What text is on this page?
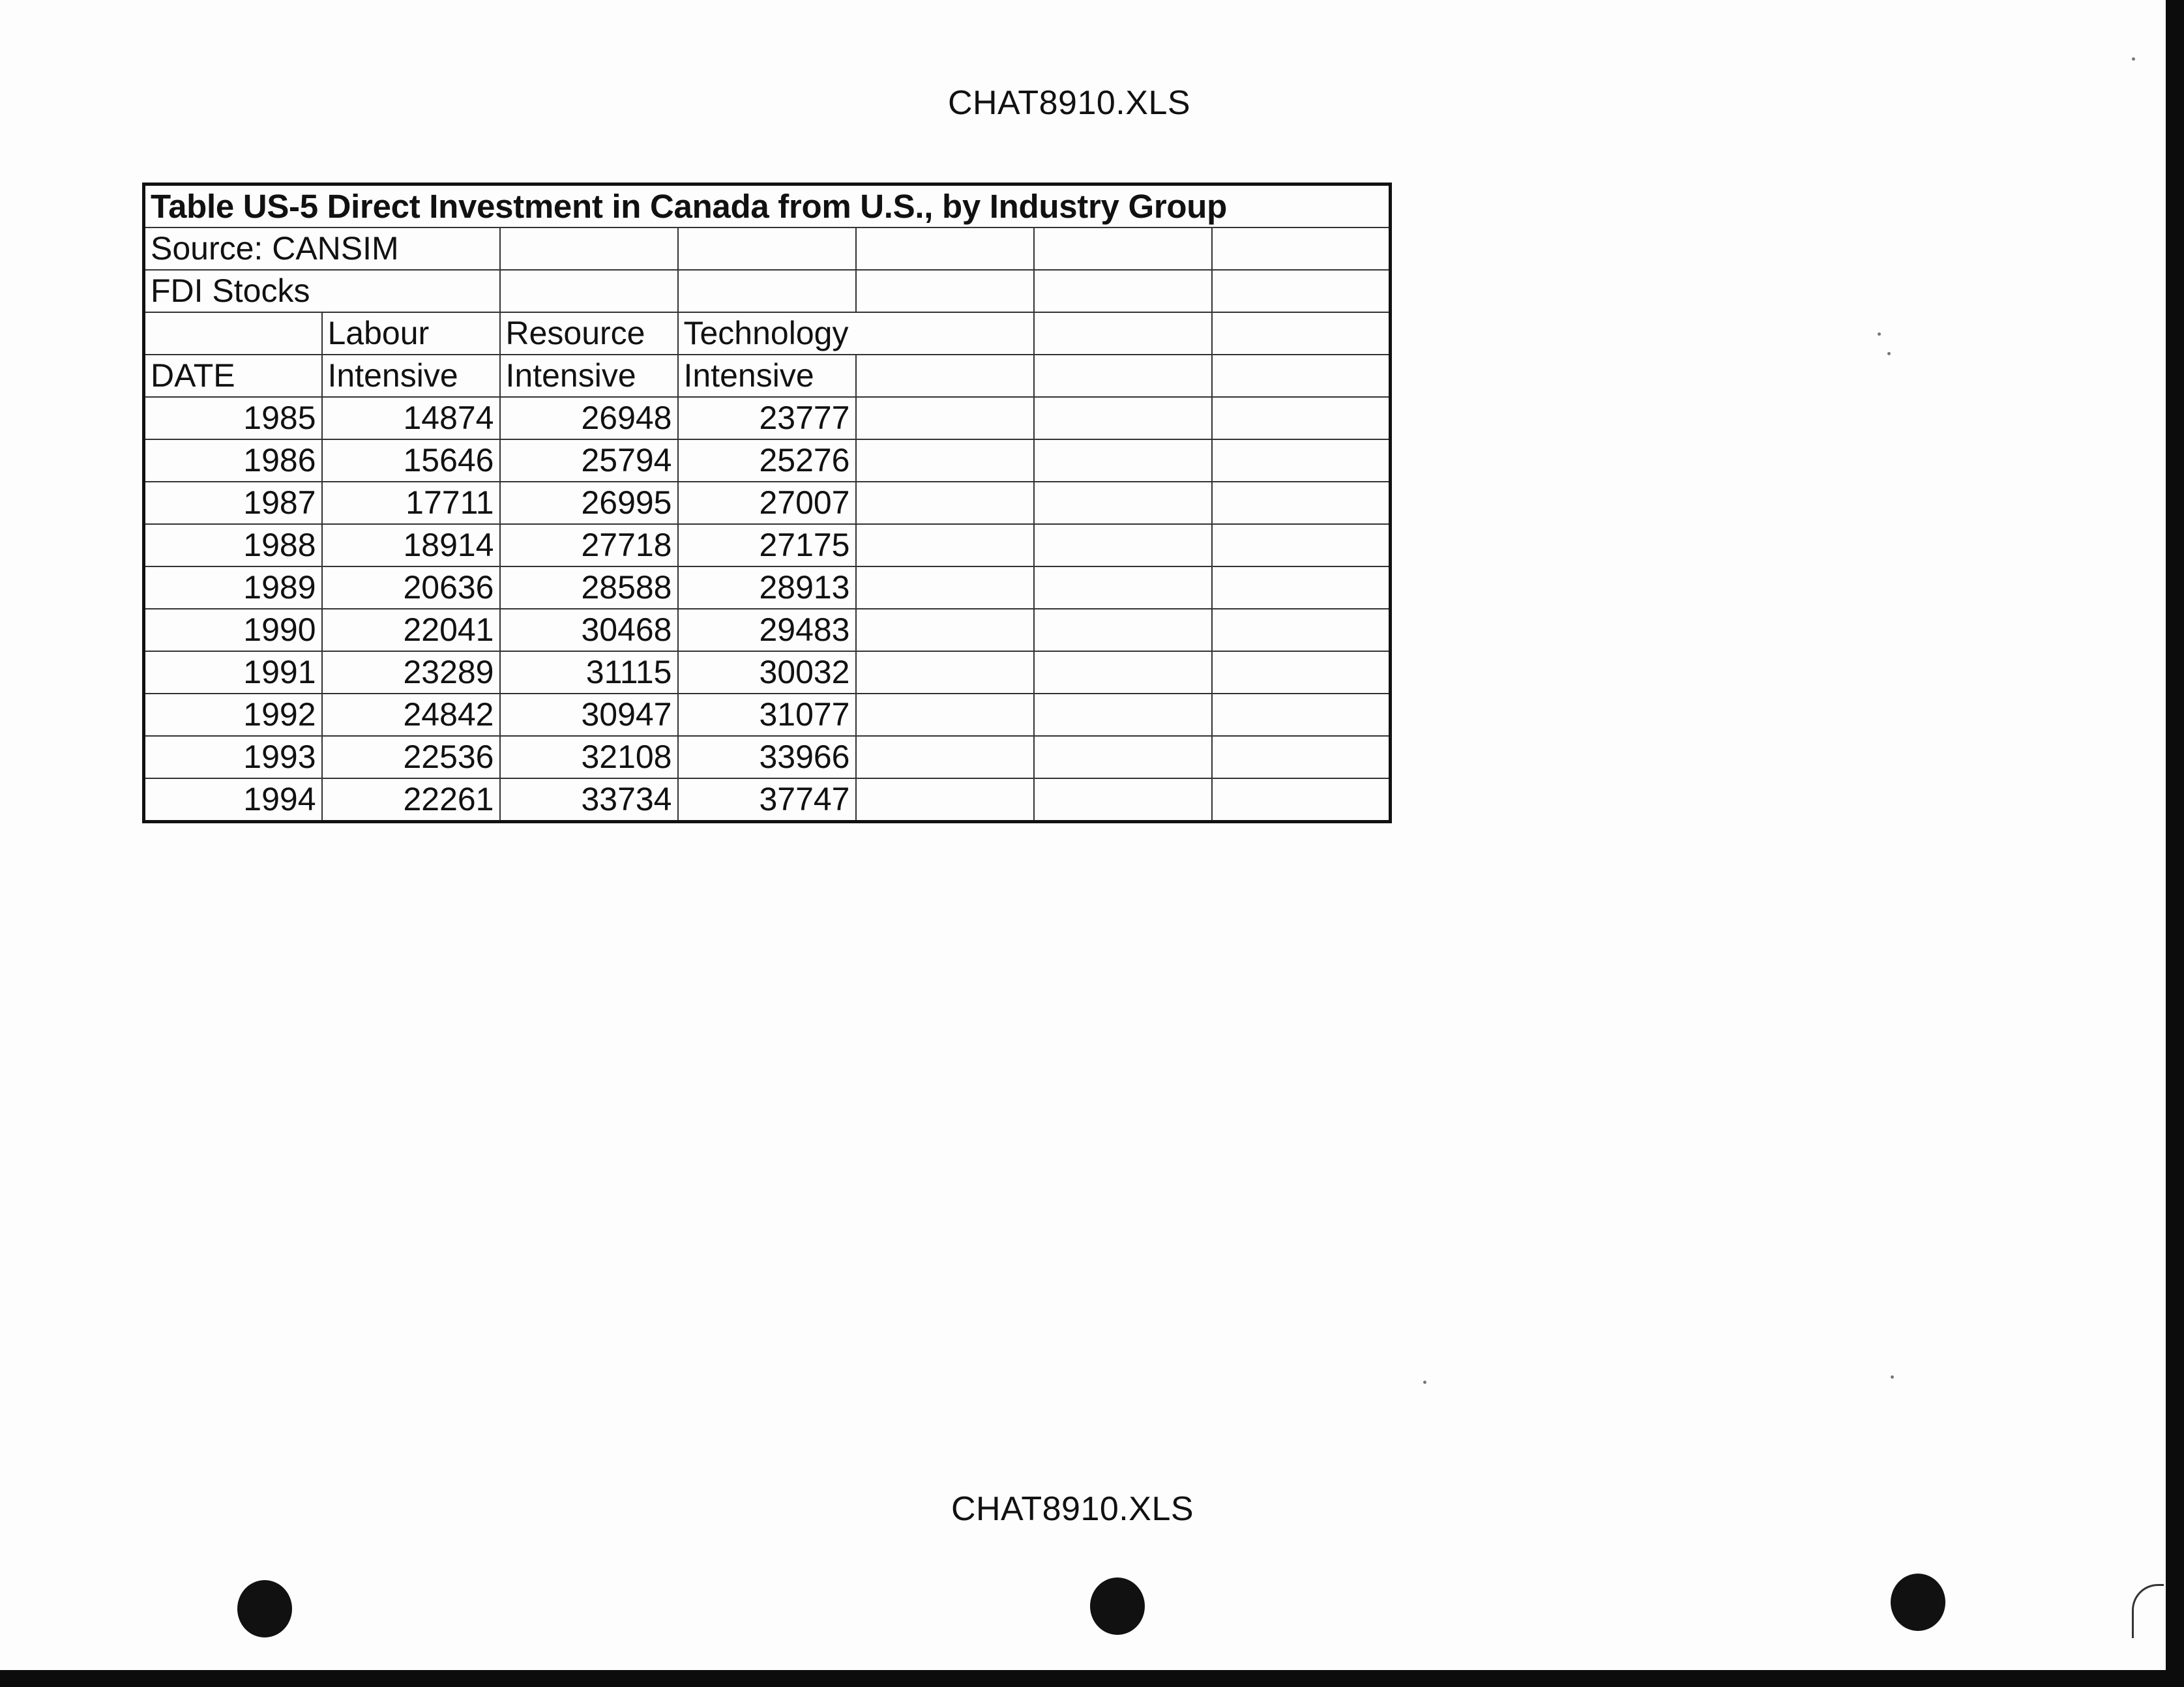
CHAT8910.XLS
Table US-5 Direct Investment in Canada from U.S., by Industry Group						
Source: CANSIM						
FDI Stocks						
	Labour	Resource	Technology			
DATE	Intensive	Intensive	Intensive			
1985	14874	26948	23777			
1986	15646	25794	25276			
1987	17711	26995	27007			
1988	18914	27718	27175			
1989	20636	28588	28913			
1990	22041	30468	29483			
1991	23289	31115	30032			
1992	24842	30947	31077			
1993	22536	32108	33966			
1994	22261	33734	37747			
CHAT8910.XLS
